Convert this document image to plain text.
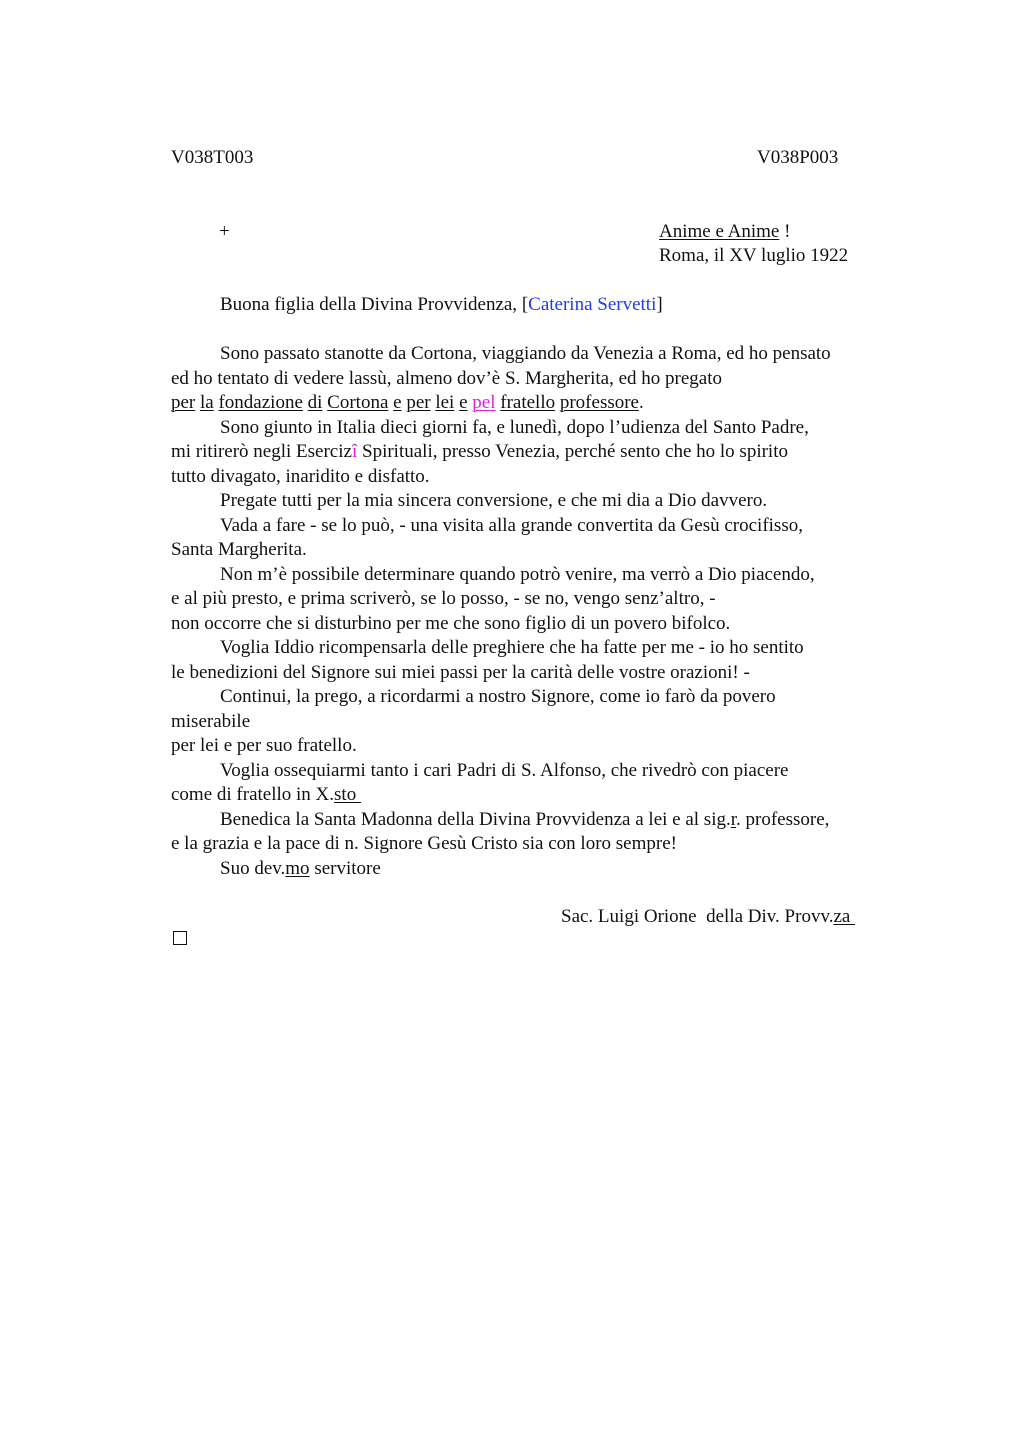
V038T003	V038P003
+	Anime e Anime !
Roma, il XV luglio 1922
Buona figlia della Divina Provvidenza, [Caterina Servetti]
Sono passato stanotte da Cortona, viaggiando da Venezia a Roma, ed ho pensato
ed ho tentato di vedere lassù, almeno dov’è S. Margherita, ed ho pregato
per la fondazione di Cortona e per lei e pel fratello professore.
Sono giunto in Italia dieci giorni fa, e lunedì, dopo l’udienza del Santo Padre,
mi ritirerò negli Esercizî Spirituali, presso Venezia, perché sento che ho lo spirito
tutto divagato, inaridito e disfatto.
Pregate tutti per la mia sincera conversione, e che mi dia a Dio davvero.
Vada a fare - se lo può, - una visita alla grande convertita da Gesù crocifisso,
Santa Margherita.
Non m’è possibile determinare quando potrò venire, ma verrò a Dio piacendo,
e al più presto, e prima scriverò, se lo posso, - se no, vengo senz’altro, -
non occorre che si disturbino per me che sono figlio di un povero bifolco.
Voglia Iddio ricompensarla delle preghiere che ha fatte per me - io ho sentito
le benedizioni del Signore sui miei passi per la carità delle vostre orazioni! -
Continui, la prego, a ricordarmi a nostro Signore, come io farò da povero
miserabile
per lei e per suo fratello.
Voglia ossequiarmi tanto i cari Padri di S. Alfonso, che rivedrò con piacere
come di fratello in X.sto
Benedica la Santa Madonna della Divina Provvidenza a lei e al sig.r. professore,
e la grazia e la pace di n. Signore Gesù Cristo sia con loro sempre!
Suo dev.mo servitore
Sac. Luigi Orione  della Div. Provv.za
